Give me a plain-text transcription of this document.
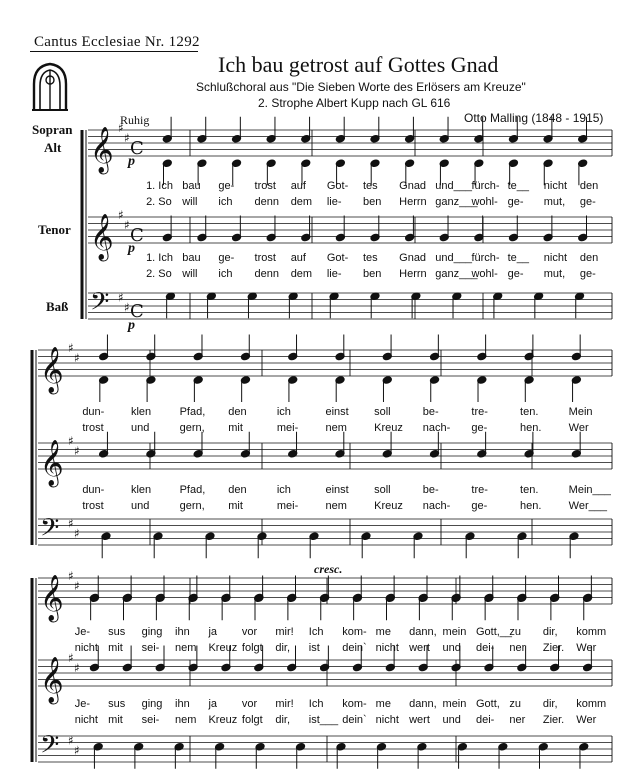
𝄞 ♯
♯
𝄞 ♯
♯
𝄢 ♯
♯
C
C
C
𝄞 ♯
♯
𝄞 ♯
♯
𝄢 ♯
♯
𝄞 ♯
♯
𝄞 ♯
♯
𝄢 ♯
♯
Cantus Ecclesiae Nr. 1292
Ich bau getrost auf Gottes Gnad
Schlußchoral aus "Die Sieben Worte des Erlösers am Kreuze"
2. Strophe Albert Kupp nach GL 616
Otto Malling (1848 - 1915)
Ruhig
Sopran
Alt
Tenor
Baß
p
p
p
cresc.
1. Ich bau ge- trost auf Got- tes Gnad und___ fürch- te__ nicht den
2. So will ich denn dem lie- ben Herrn ganz___
wohl- ge- mut, ge-
1. Ich bau ge- trost auf Got- tes Gnad und___ fürch- te__ nicht den
2. So will ich denn dem lie- ben Herrn ganz___
wohl- ge- mut, ge-
dun- klen	Pfad, den	ich	einst soll	be-	tre-	ten.	Mein
trost und	gern, mit	mei- nem Kreuz nach- ge-	hen. Wer
dun- klen	Pfad, den	ich	einst soll	be-	tre-	ten.	Mein___
trost und	gern, mit	mei- nem Kreuz nach- ge-	hen. Wer___
Je- sus ging ihn ja vor mir! Ich kom- me dann, mein Gott,__
zu dir, komm
nicht mit sei- nem Kreuz folgt dir, ist dein` nicht wert und dei- ner Zier. Wer
Je- sus ging ihn ja vor mir! Ich kom- me dann, mein Gott, zu dir, komm
nicht mit sei- nem Kreuz folgt dir, ist___ dein` nicht wert und dei- ner Zier. Wer
